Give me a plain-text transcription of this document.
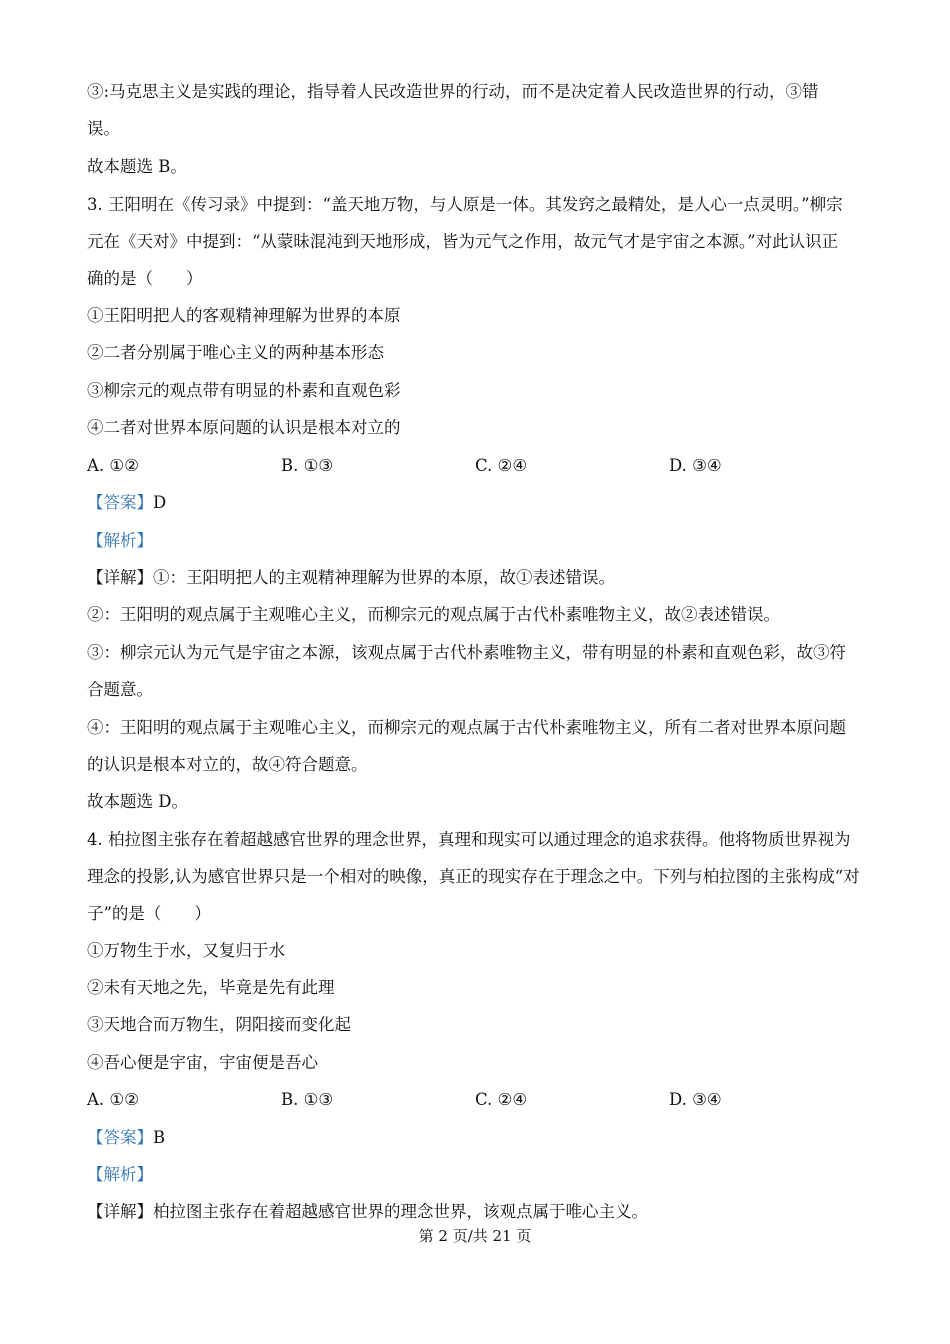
③:马克思主义是实践的理论，指导着人民改造世界的行动，而不是决定着人民改造世界的行动，③错
误。
故本题选 B。
3. 王阳明在《传习录》中提到：“盖天地万物，与人原是一体。其发窍之最精处，是人心一点灵明。”柳宗
元在《天对》中提到：“从蒙昧混沌到天地形成，皆为元气之作用，故元气才是宇宙之本源。”对此认识正
确的是（　　）
①王阳明把人的客观精神理解为世界的本原
②二者分别属于唯心主义的两种基本形态
③柳宗元的观点带有明显的朴素和直观色彩
④二者对世界本原问题的认识是根本对立的
A. ①②	B. ①③	C. ②④	D. ③④
【答案】D
【解析】
【详解】①：王阳明把人的主观精神理解为世界的本原，故①表述错误。
②：王阳明的观点属于主观唯心主义，而柳宗元的观点属于古代朴素唯物主义，故②表述错误。
③：柳宗元认为元气是宇宙之本源，该观点属于古代朴素唯物主义，带有明显的朴素和直观色彩，故③符
合题意。
④：王阳明的观点属于主观唯心主义，而柳宗元的观点属于古代朴素唯物主义，所有二者对世界本原问题
的认识是根本对立的，故④符合题意。
故本题选 D。
4. 柏拉图主张存在着超越感官世界的理念世界，真理和现实可以通过理念的追求获得。他将物质世界视为
理念的投影,认为感官世界只是一个相对的映像，真正的现实存在于理念之中。下列与柏拉图的主张构成“对
子”的是（　　）
①万物生于水，又复归于水
②未有天地之先，毕竟是先有此理
③天地合而万物生，阴阳接而变化起
④吾心便是宇宙，宇宙便是吾心
A. ①②	B. ①③	C. ②④	D. ③④
【答案】B
【解析】
【详解】柏拉图主张存在着超越感官世界的理念世界，该观点属于唯心主义。
第 2 页/共 21 页
